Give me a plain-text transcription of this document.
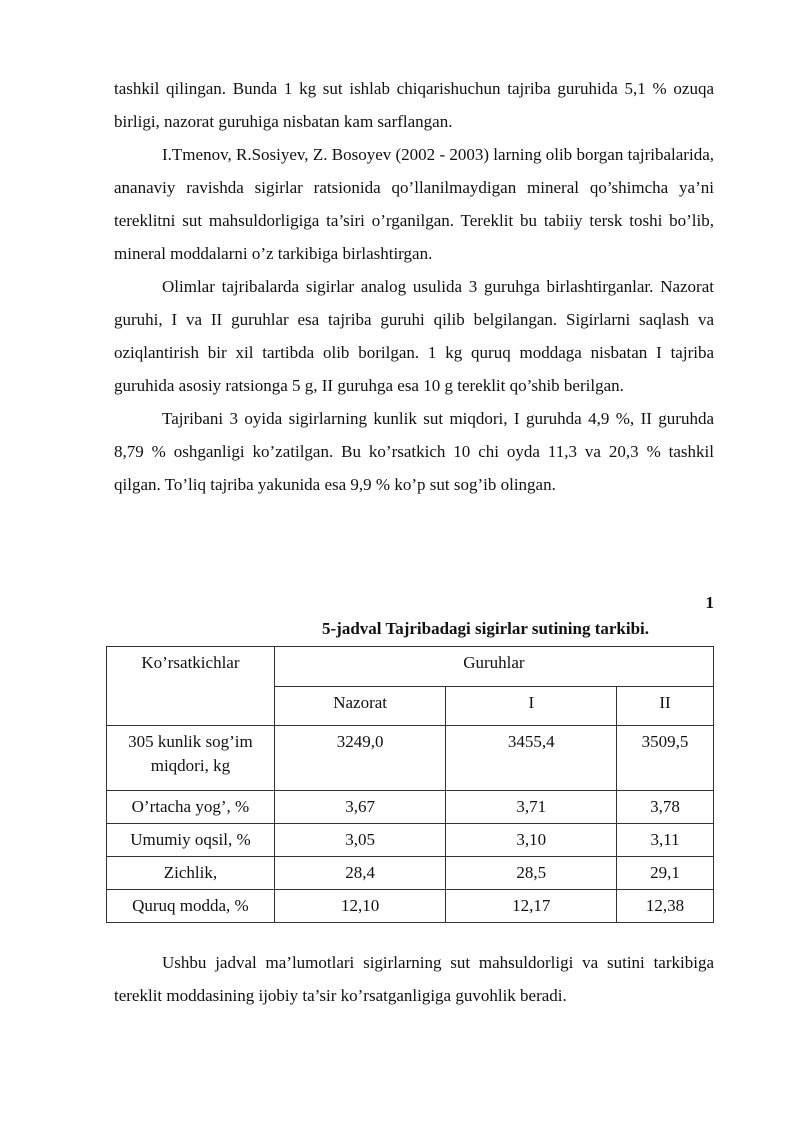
tashkil qilingan. Bunda 1 kg sut ishlab chiqarishuchun tajriba guruhida 5,1 % ozuqa birligi, nazorat guruhiga nisbatan kam sarflangan.

I.Tmenov, R.Sosiyev, Z. Bosoyev (2002 - 2003) larning olib borgan tajribalarida, ananaviy ravishda sigirlar ratsionida qo’llanilmaydigan mineral qo’shimcha ya’ni tereklitni sut mahsuldorligiga ta’siri o’rganilgan. Tereklit bu tabiiy tersk toshi bo’lib, mineral moddalarni o’z tarkibiga birlashtirgan.

Olimlar tajribalarda sigirlar analog usulida 3 guruhga birlashtirganlar. Nazorat guruhi, I va II guruhlar esa tajriba guruhi qilib belgilangan. Sigirlarni saqlash va oziqlantirish bir xil tartibda olib borilgan. 1 kg quruq moddaga nisbatan I tajriba guruhida asosiy ratsionga 5 g, II guruhga esa 10 g tereklit qo’shib berilgan.

Tajribani 3 oyida sigirlarning kunlik sut miqdori, I guruhda 4,9 %, II guruhda 8,79 % oshganligi ko’zatilgan. Bu ko’rsatkich 10 chi oyda 11,3 va 20,3 % tashkil qilgan. To’liq tajriba yakunida esa 9,9 % ko’p sut sog’ib olingan.

1
5-jadval Tajribadagi sigirlar sutining tarkibi.
Ko’rsatkichlar	Guruhlar		
	Nazorat	I	II
305 kunlik sog’im miqdori, kg	3249,0	3455,4	3509,5
O’rtacha yog’, %	3,67	3,71	3,78
Umumiy oqsil, %	3,05	3,10	3,11
Zichlik,	28,4	28,5	29,1
Quruq modda, %	12,10	12,17	12,38

Ushbu jadval ma’lumotlari sigirlarning sut mahsuldorligi va sutini tarkibiga tereklit moddasining ijobiy ta’sir ko’rsatganligiga guvohlik beradi.
